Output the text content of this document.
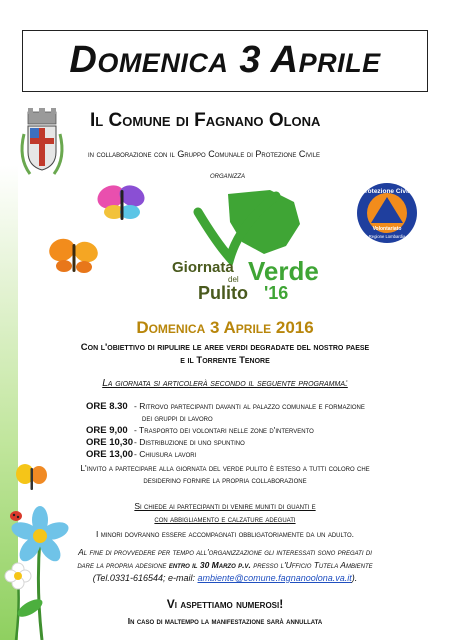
Domenica 3 Aprile
Il Comune di Fagnano Olona
in collaborazione con il Gruppo Comunale di Protezione Civile
organizza
Giornata
del Verde
Pulito '16
Protezione Civile
Volontariato
Regione Lombardia
Domenica 3 Aprile 2016
Con l'obiettivo di ripulire le aree verdi degradate del nostro paese
e il Torrente Tenore
La giornata si articolerà secondo il seguente programma:
ORE 8.30 - Ritrovo partecipanti davanti al palazzo comunale e formazione
dei gruppi di lavoro
ORE 9,00 - Trasporto dei volontari nelle zone d'intervento
ORE 10,30- Distribuzione di uno spuntino
ORE 13,00- Chiusura lavori
L'invito a partecipare alla giornata del verde pulito è esteso a tutti coloro che
desiderino fornire la propria collaborazione
Si chiede ai partecipanti di venire muniti di guanti e
con abbigliamento e calzature adeguati
I minori dovranno essere accompagnati obbligatoriamente da un adulto.
Al fine di provvedere per tempo all'organizzazione gli interessati sono pregati di
dare la propria adesione entro il 30 Marzo p.v. presso l'Ufficio Tutela Ambiente
(Tel.0331-616544; e-mail: ambiente@comune.fagnanoolona.va.it).
Vi aspettiamo numerosi!
In caso di maltempo la manifestazione sarà annullata
